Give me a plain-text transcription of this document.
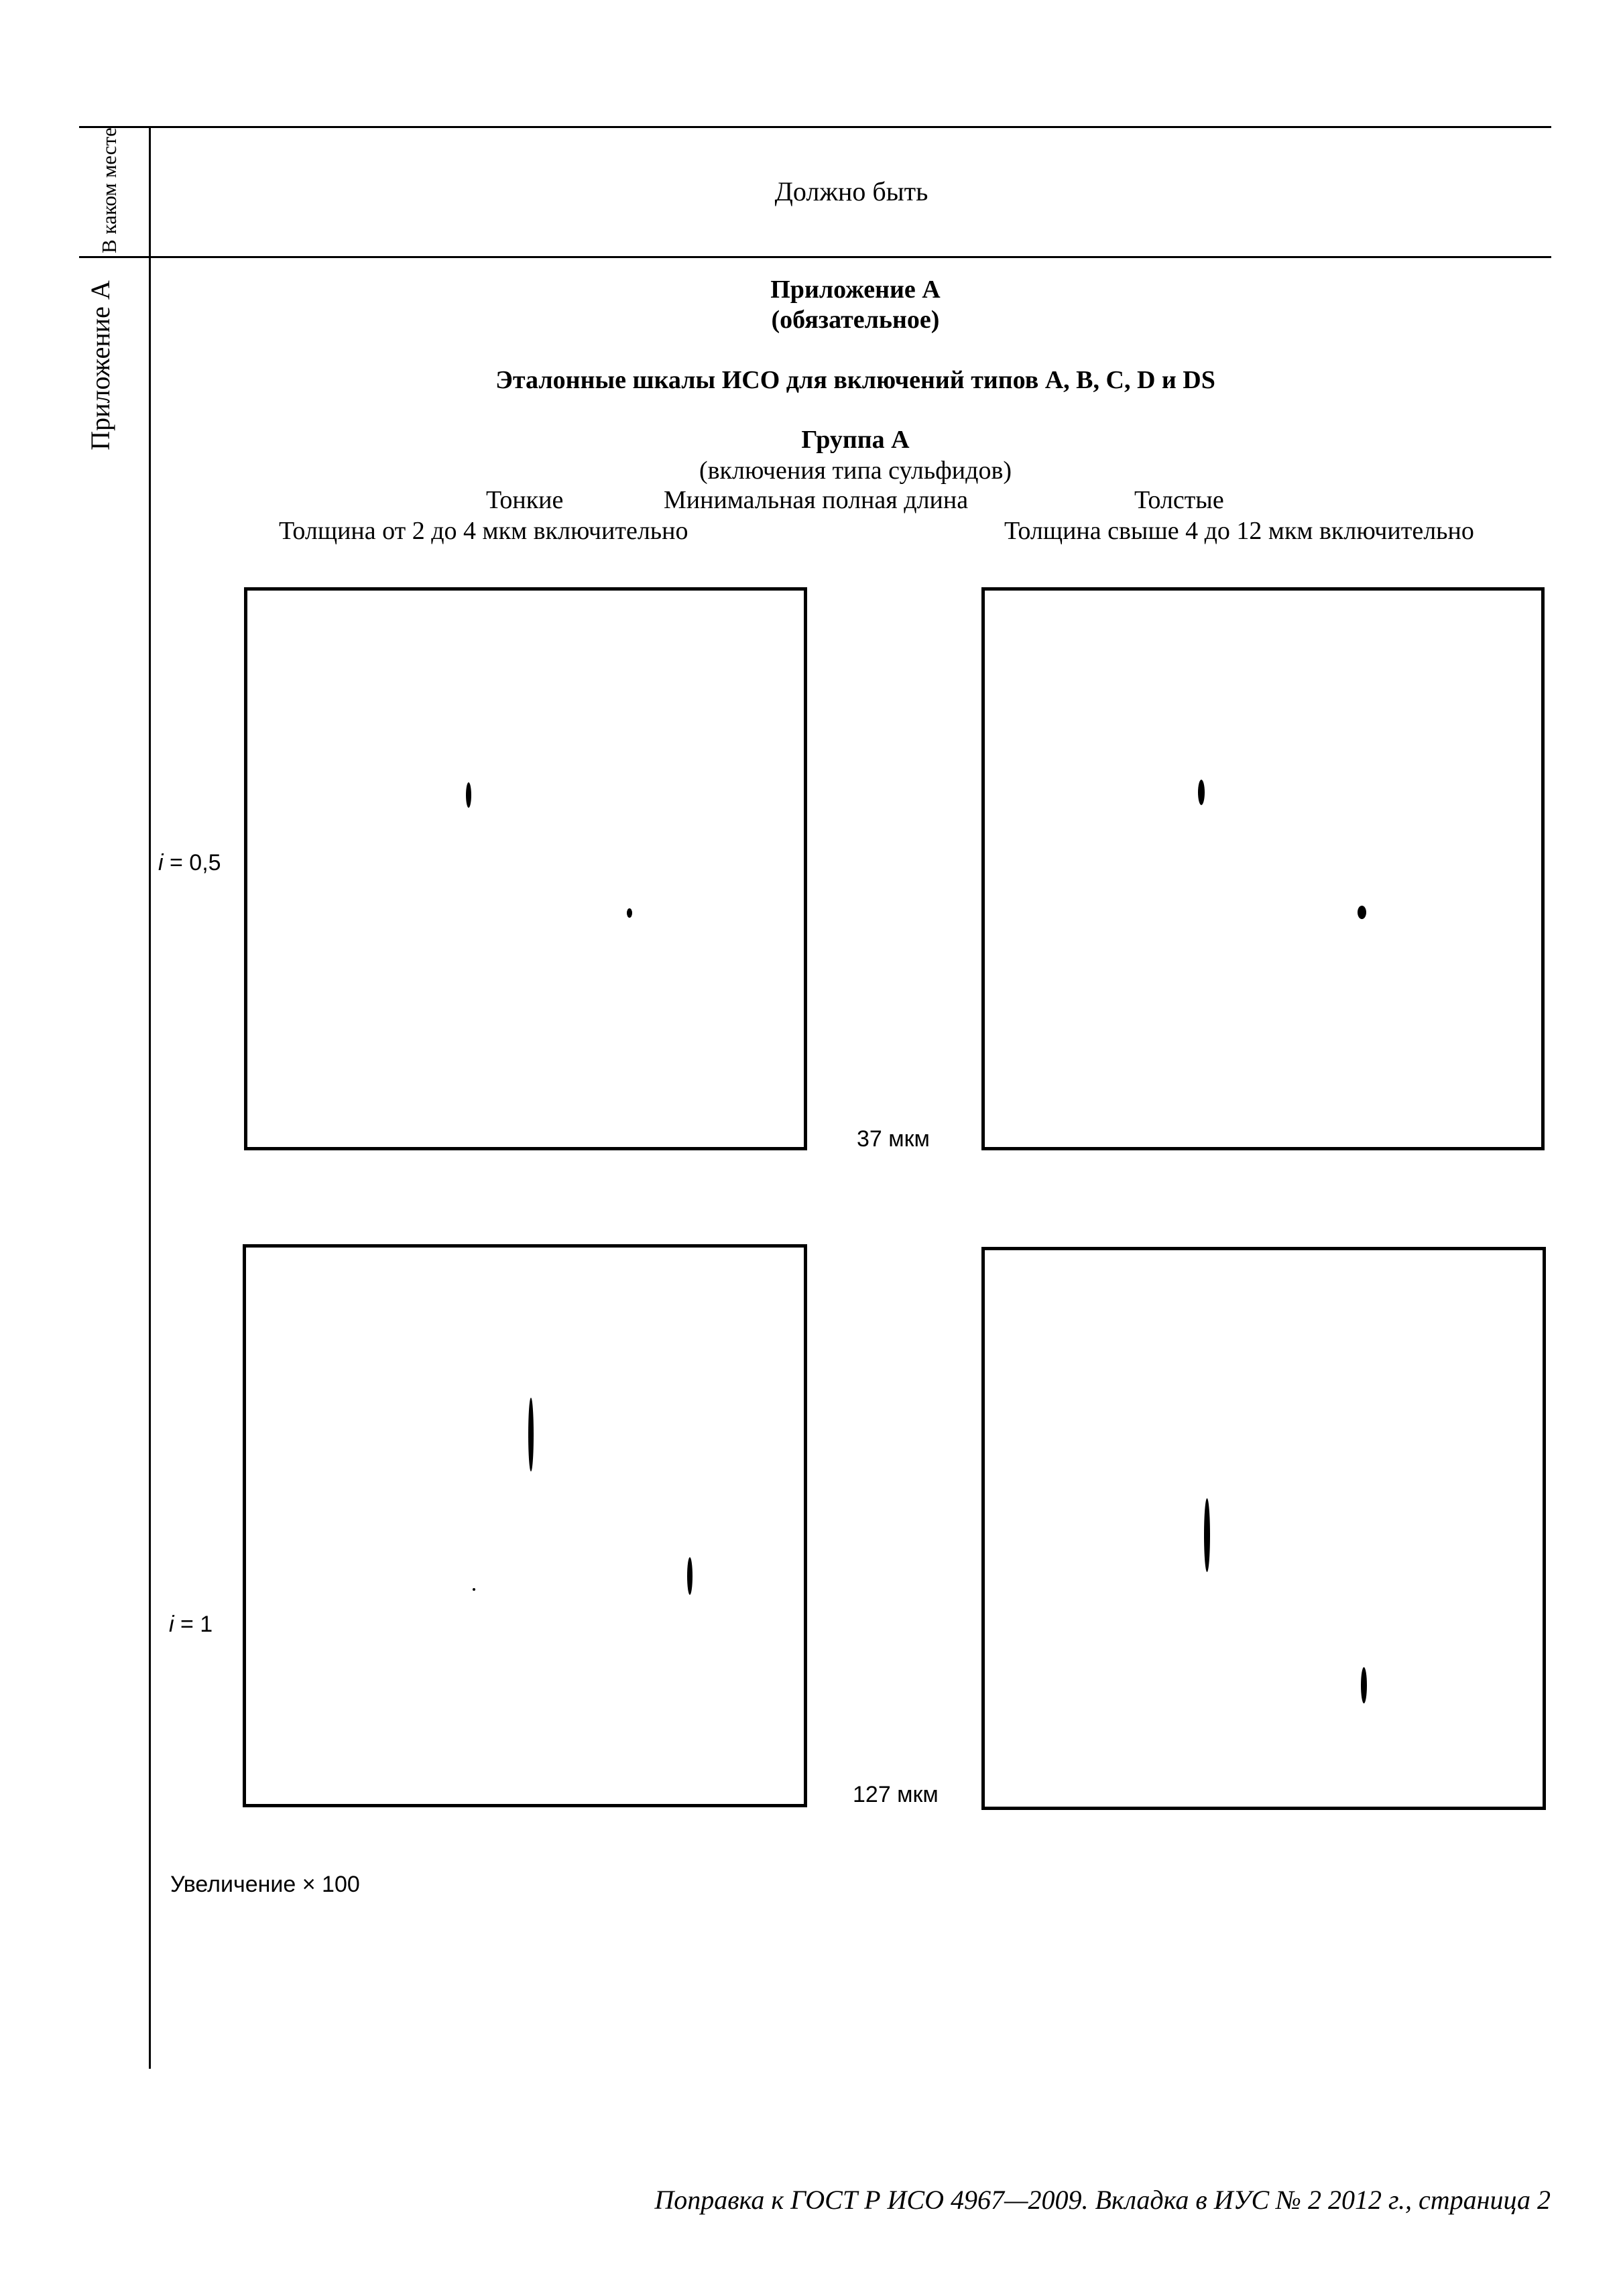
В каком месте	Должно быть
Приложение А	Приложение А
(обязательное)
Эталонные шкалы ИСО для включений типов A, B, C, D и DS
Группа А
(включения типа сульфидов)
Тонкие	Минимальная полная длина	Толстые
Толщина от 2 до 4 мкм включительно	Толщина свыше 4 до 12 мкм включительно
i = 0,5
37 мкм
i = 1
127 мкм
Увеличение × 100
Поправка к ГОСТ Р ИСО 4967—2009. Вкладка в ИУС № 2 2012 г., страница 2
